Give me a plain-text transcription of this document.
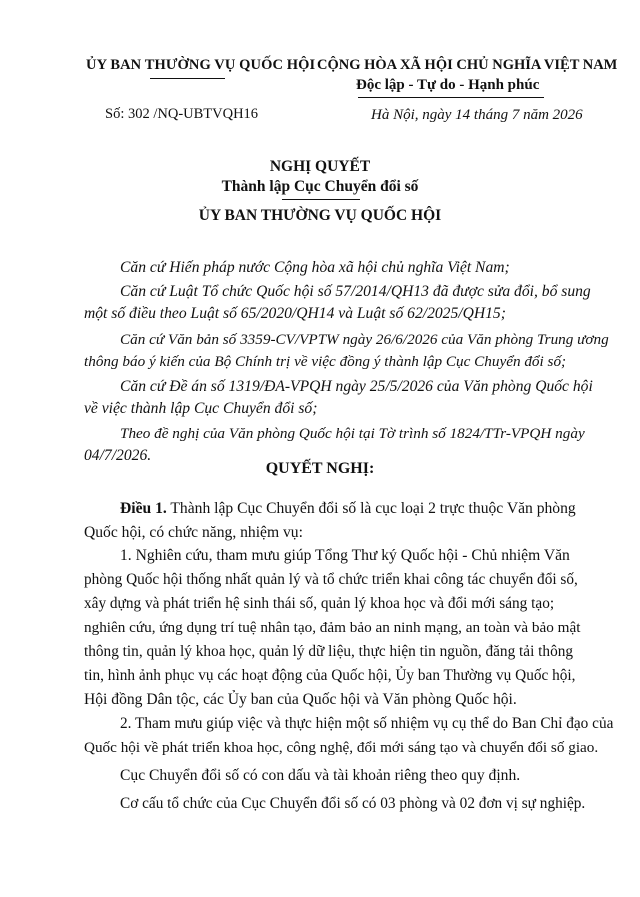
ỦY BAN THƯỜNG VỤ QUỐC HỘI
Số: 302 /NQ-UBTVQH16
CỘNG HÒA XÃ HỘI CHỦ NGHĨA VIỆT NAM
Độc lập - Tự do - Hạnh phúc
Hà Nội, ngày 14 tháng 7 năm 2026
NGHỊ QUYẾT
Thành lập Cục Chuyển đổi số
ỦY BAN THƯỜNG VỤ QUỐC HỘI
Căn cứ Hiến pháp nước Cộng hòa xã hội chủ nghĩa Việt Nam;
Căn cứ Luật Tổ chức Quốc hội số 57/2014/QH13 đã được sửa đổi, bổ sung
một số điều theo Luật số 65/2020/QH14 và Luật số 62/2025/QH15;
Căn cứ Văn bản số 3359-CV/VPTW ngày 26/6/2026 của Văn phòng Trung ương
thông báo ý kiến của Bộ Chính trị về việc đồng ý thành lập Cục Chuyển đổi số;
Căn cứ Đề án số 1319/ĐA-VPQH ngày 25/5/2026 của Văn phòng Quốc hội
về việc thành lập Cục Chuyển đổi số;
Theo đề nghị của Văn phòng Quốc hội tại Tờ trình số 1824/TTr-VPQH ngày
04/7/2026.
QUYẾT NGHỊ:
Điều 1. Thành lập Cục Chuyển đổi số là cục loại 2 trực thuộc Văn phòng
Quốc hội, có chức năng, nhiệm vụ:
1. Nghiên cứu, tham mưu giúp Tổng Thư ký Quốc hội - Chủ nhiệm Văn
phòng Quốc hội thống nhất quản lý và tổ chức triển khai công tác chuyển đổi số,
xây dựng và phát triển hệ sinh thái số, quản lý khoa học và đổi mới sáng tạo;
nghiên cứu, ứng dụng trí tuệ nhân tạo, đảm bảo an ninh mạng, an toàn và bảo mật
thông tin, quản lý khoa học, quản lý dữ liệu, thực hiện tin nguồn, đăng tải thông
tin, hình ảnh phục vụ các hoạt động của Quốc hội, Ủy ban Thường vụ Quốc hội,
Hội đồng Dân tộc, các Ủy ban của Quốc hội và Văn phòng Quốc hội.
2. Tham mưu giúp việc và thực hiện một số nhiệm vụ cụ thể do Ban Chỉ đạo của
Quốc hội về phát triển khoa học, công nghệ, đổi mới sáng tạo và chuyển đổi số giao.
Cục Chuyển đổi số có con dấu và tài khoản riêng theo quy định.
Cơ cấu tổ chức của Cục Chuyển đổi số có 03 phòng và 02 đơn vị sự nghiệp.
